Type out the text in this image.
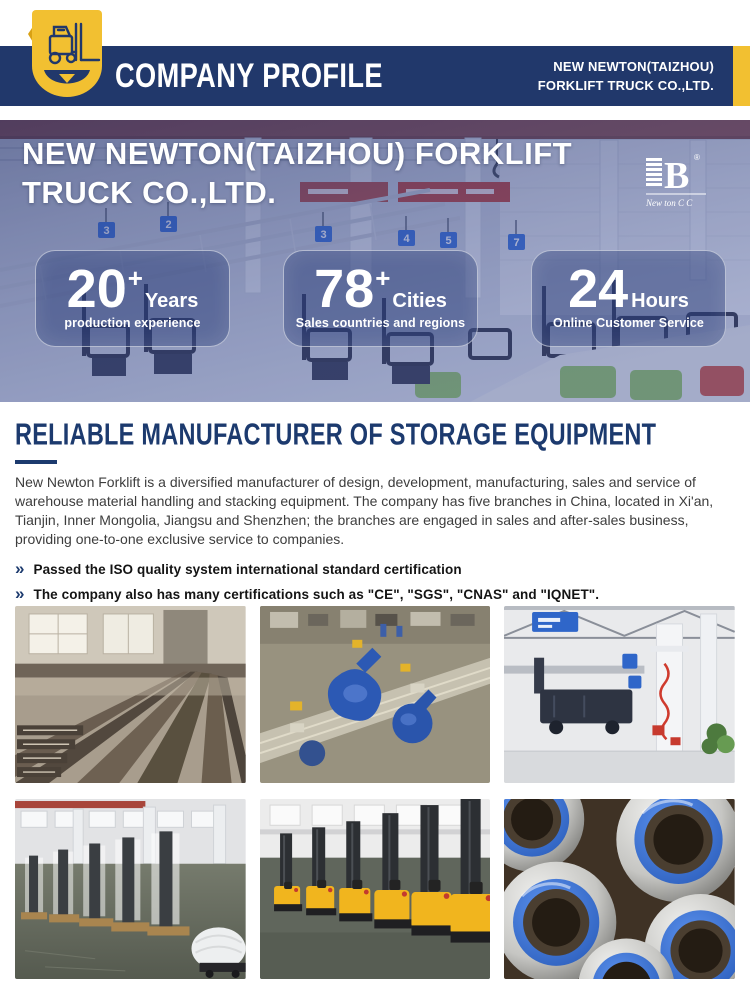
COMPANY PROFILE	NEW NEWTON(TAIZHOU)
FORKLIFT TRUCK CO.,LTD.
NEW NEWTON(TAIZHOU) FORKLIFT
TRUCK CO.,LTD.	B ®
New ton C C
20 +
Years
production experience
78 +
Cities
Sales countries and regions
24 Hours
Online Customer Service
RELIABLE MANUFACTURER OF STORAGE EQUIPMENT

New Newton Forklift is a diversified manufacturer of design, development, manufacturing, sales and service of warehouse material handling and stacking equipment. The company has five branches in China, located in Xi'an, Tianjin, Inner Mongolia, Jiangsu and Shenzhen; the branches are engaged in sales and after-sales business, providing one-to-one exclusive service to companies.

» Passed the ISO quality system international standard certification
» The company also has many certifications such as "CE", "SGS", "CNAS" and "IQNET".
